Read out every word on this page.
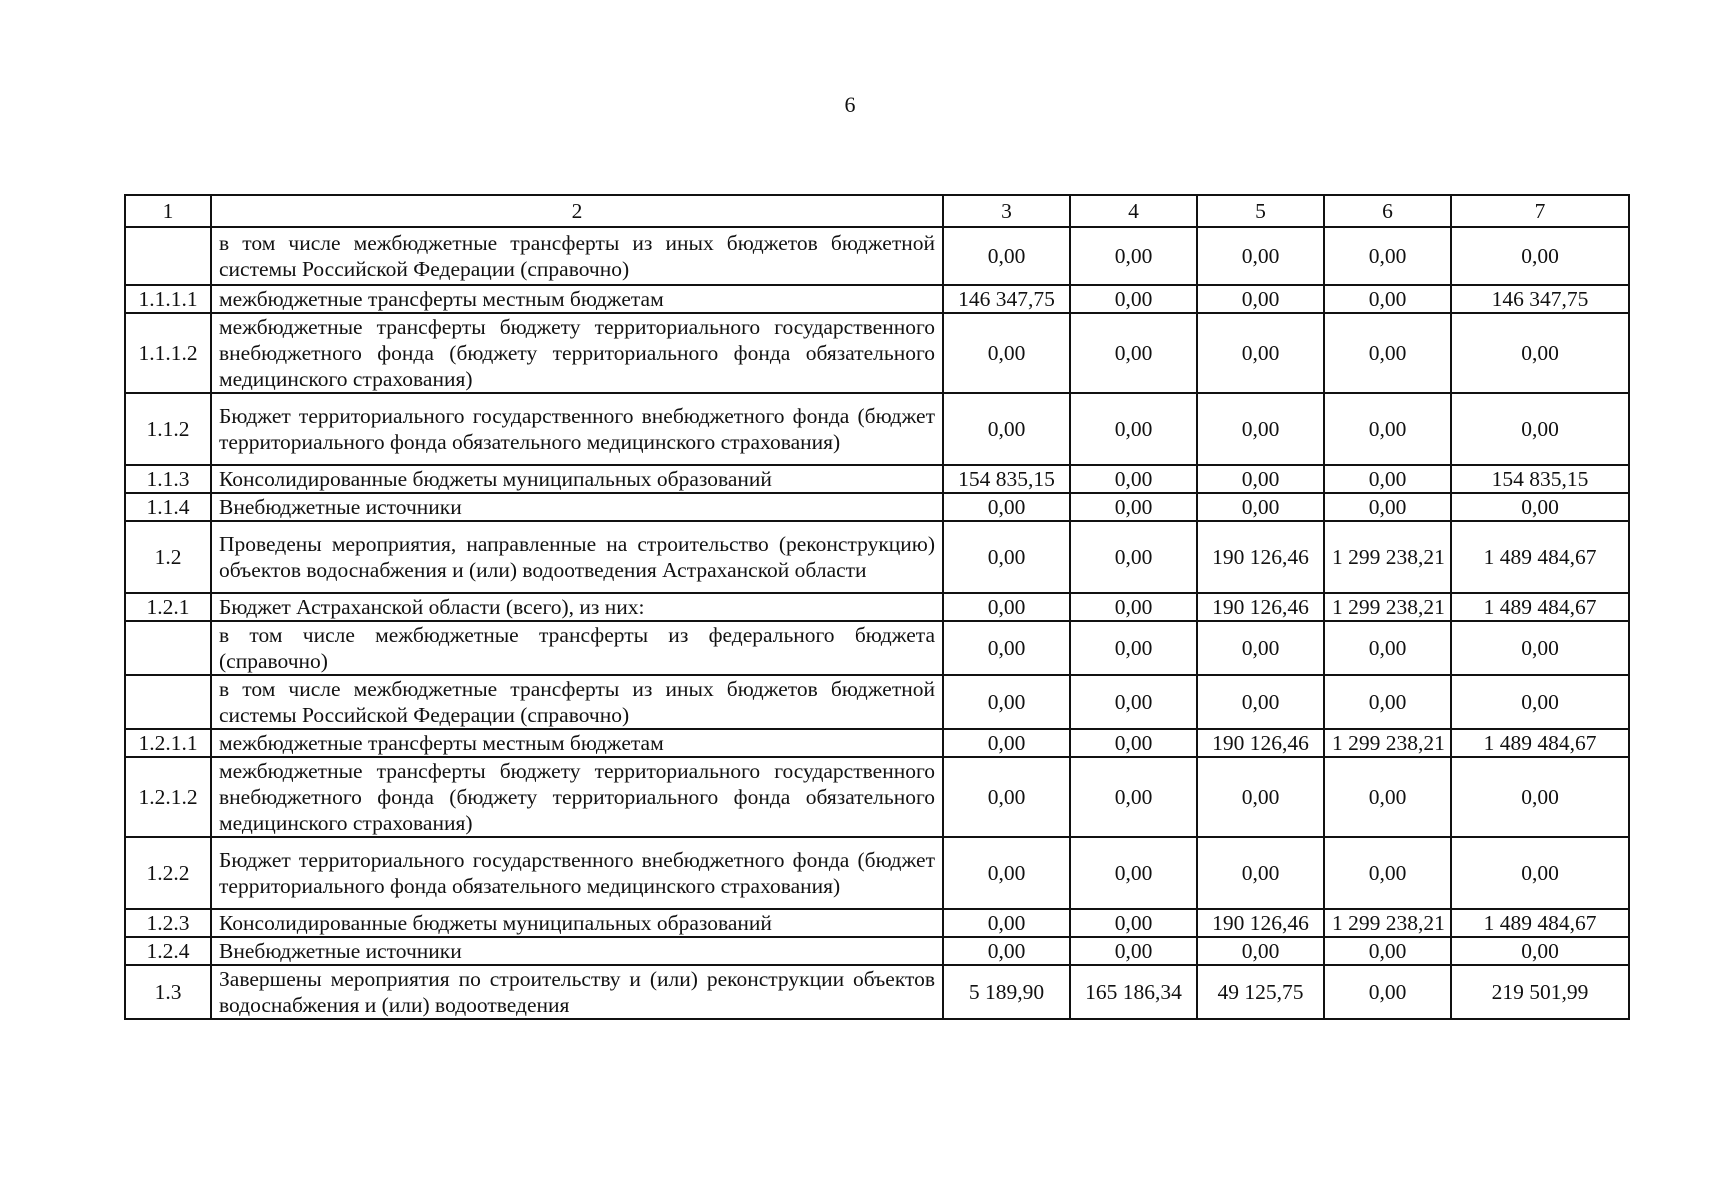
6
1	2	3	4	5	6	7
	в том числе межбюджетные трансферты из иных бюджетов бюджетной системы Российской Федерации (справочно)	0,00	0,00	0,00	0,00	0,00
1.1.1.1	межбюджетные трансферты местным бюджетам	146 347,75	0,00	0,00	0,00	146 347,75
1.1.1.2	межбюджетные трансферты бюджету территориального государственного внебюджетного фонда (бюджету территориального фонда обязательного медицинского страхования)	0,00	0,00	0,00	0,00	0,00
1.1.2	Бюджет территориального государственного внебюджетного фонда (бюджет территориального фонда обязательного медицинского страхования)	0,00	0,00	0,00	0,00	0,00
1.1.3	Консолидированные бюджеты муниципальных образований	154 835,15	0,00	0,00	0,00	154 835,15
1.1.4	Внебюджетные источники	0,00	0,00	0,00	0,00	0,00
1.2	Проведены мероприятия, направленные на строительство (реконструкцию) объектов водоснабжения и (или) водоотведения Астраханской области	0,00	0,00	190 126,46	1 299 238,21	1 489 484,67
1.2.1	Бюджет Астраханской области (всего), из них:	0,00	0,00	190 126,46	1 299 238,21	1 489 484,67
	в том числе межбюджетные трансферты из федерального бюджета (справочно)	0,00	0,00	0,00	0,00	0,00
	в том числе межбюджетные трансферты из иных бюджетов бюджетной системы Российской Федерации (справочно)	0,00	0,00	0,00	0,00	0,00
1.2.1.1	межбюджетные трансферты местным бюджетам	0,00	0,00	190 126,46	1 299 238,21	1 489 484,67
1.2.1.2	межбюджетные трансферты бюджету территориального государственного внебюджетного фонда (бюджету территориального фонда обязательного медицинского страхования)	0,00	0,00	0,00	0,00	0,00
1.2.2	Бюджет территориального государственного внебюджетного фонда (бюджет территориального фонда обязательного медицинского страхования)	0,00	0,00	0,00	0,00	0,00
1.2.3	Консолидированные бюджеты муниципальных образований	0,00	0,00	190 126,46	1 299 238,21	1 489 484,67
1.2.4	Внебюджетные источники	0,00	0,00	0,00	0,00	0,00
1.3	Завершены мероприятия по строительству и (или) реконструкции объектов водоснабжения и (или) водоотведения	5 189,90	165 186,34	49 125,75	0,00	219 501,99
